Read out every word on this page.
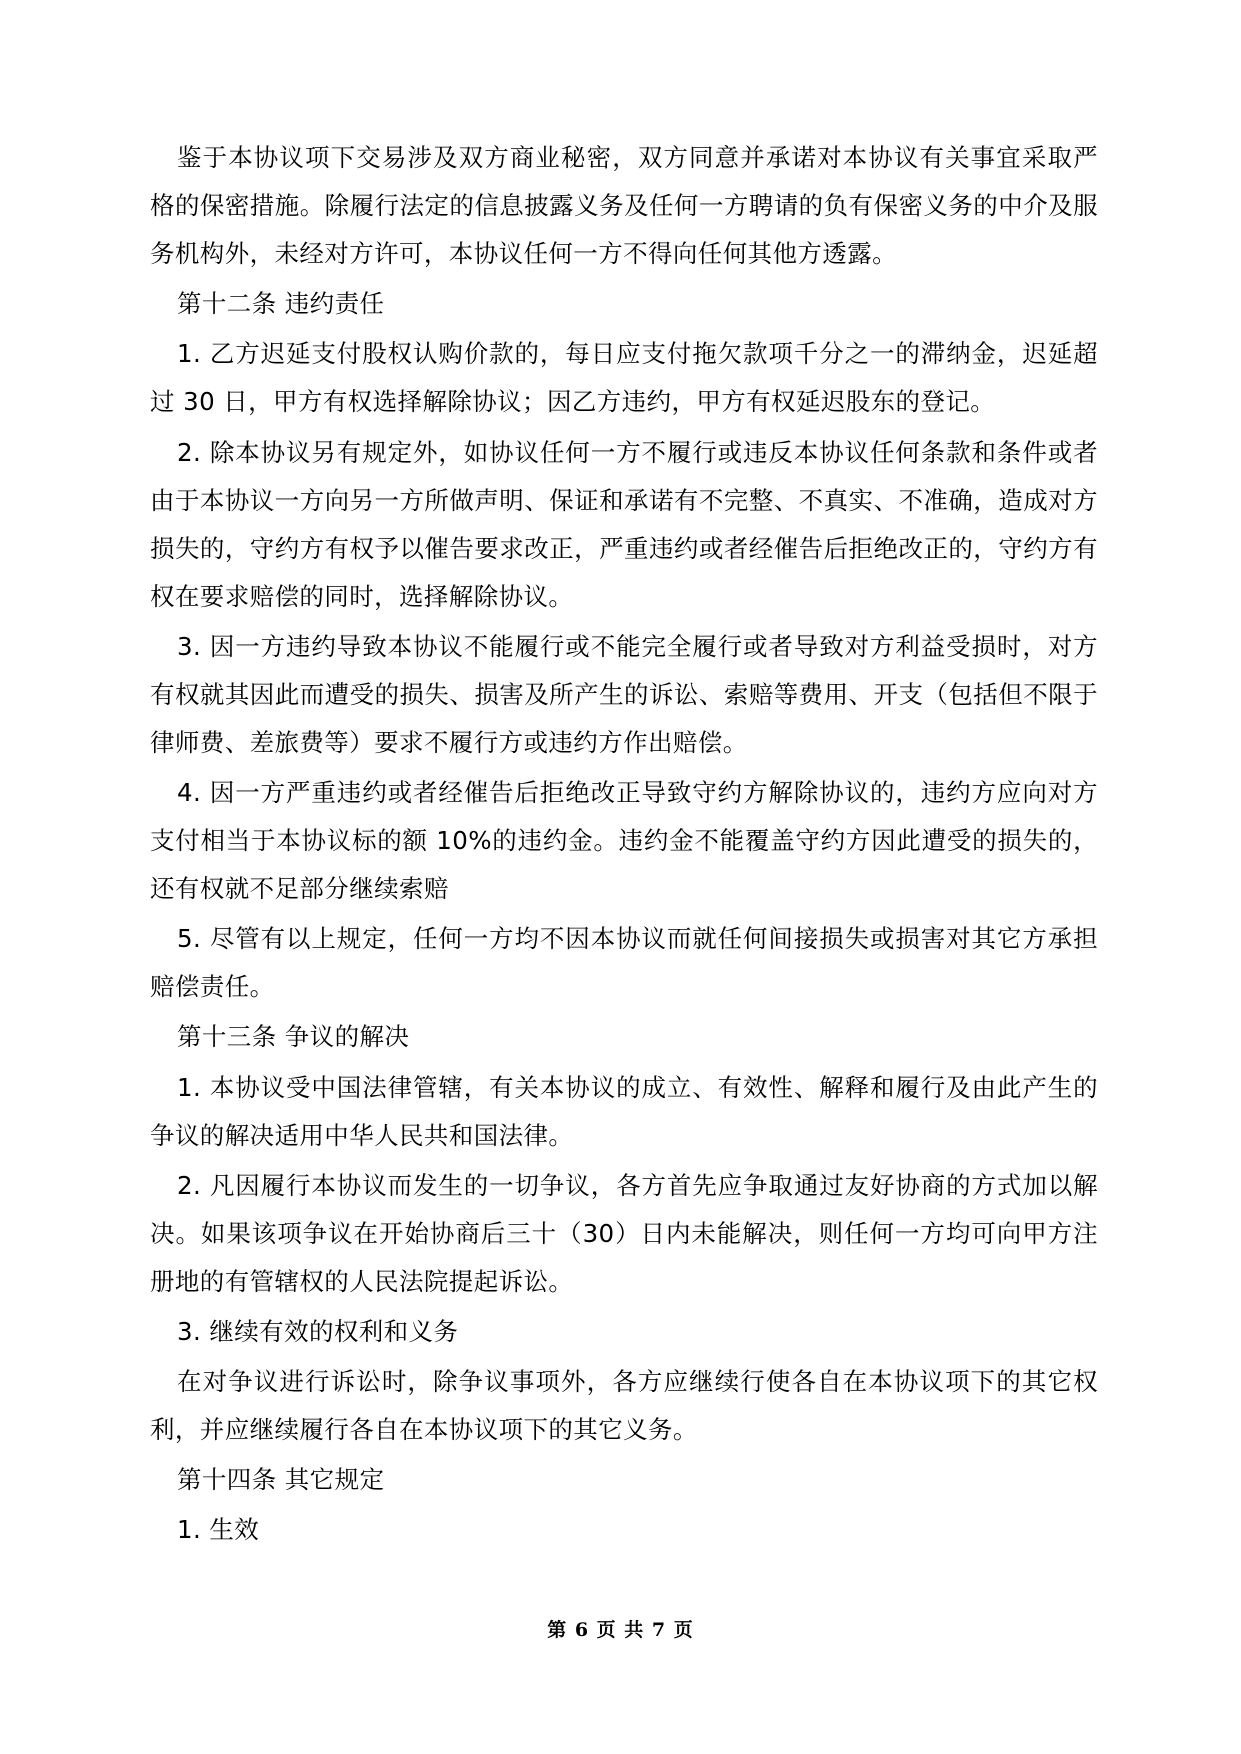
鉴于本协议项下交易涉及双方商业秘密，双方同意并承诺对本协议有关事宜采取严格的保密措施。除履行法定的信息披露义务及任何一方聘请的负有保密义务的中介及服务机构外，未经对方许可，本协议任何一方不得向任何其他方透露。

第十二条 违约责任

1. 乙方迟延支付股权认购价款的，每日应支付拖欠款项千分之一的滞纳金，迟延超过 30 日，甲方有权选择解除协议；因乙方违约，甲方有权延迟股东的登记。

2. 除本协议另有规定外，如协议任何一方不履行或违反本协议任何条款和条件或者由于本协议一方向另一方所做声明、保证和承诺有不完整、不真实、不准确，造成对方损失的，守约方有权予以催告要求改正，严重违约或者经催告后拒绝改正的，守约方有权在要求赔偿的同时，选择解除协议。

3. 因一方违约导致本协议不能履行或不能完全履行或者导致对方利益受损时，对方有权就其因此而遭受的损失、损害及所产生的诉讼、索赔等费用、开支（包括但不限于律师费、差旅费等）要求不履行方或违约方作出赔偿。

4. 因一方严重违约或者经催告后拒绝改正导致守约方解除协议的，违约方应向对方支付相当于本协议标的额 10%的违约金。违约金不能覆盖守约方因此遭受的损失的，还有权就不足部分继续索赔

5. 尽管有以上规定，任何一方均不因本协议而就任何间接损失或损害对其它方承担赔偿责任。

第十三条 争议的解决

1. 本协议受中国法律管辖，有关本协议的成立、有效性、解释和履行及由此产生的争议的解决适用中华人民共和国法律。

2. 凡因履行本协议而发生的一切争议，各方首先应争取通过友好协商的方式加以解决。如果该项争议在开始协商后三十（30）日内未能解决，则任何一方均可向甲方注册地的有管辖权的人民法院提起诉讼。

3. 继续有效的权利和义务

在对争议进行诉讼时，除争议事项外，各方应继续行使各自在本协议项下的其它权利，并应继续履行各自在本协议项下的其它义务。

第十四条 其它规定

1. 生效

第 6 页 共 7 页
